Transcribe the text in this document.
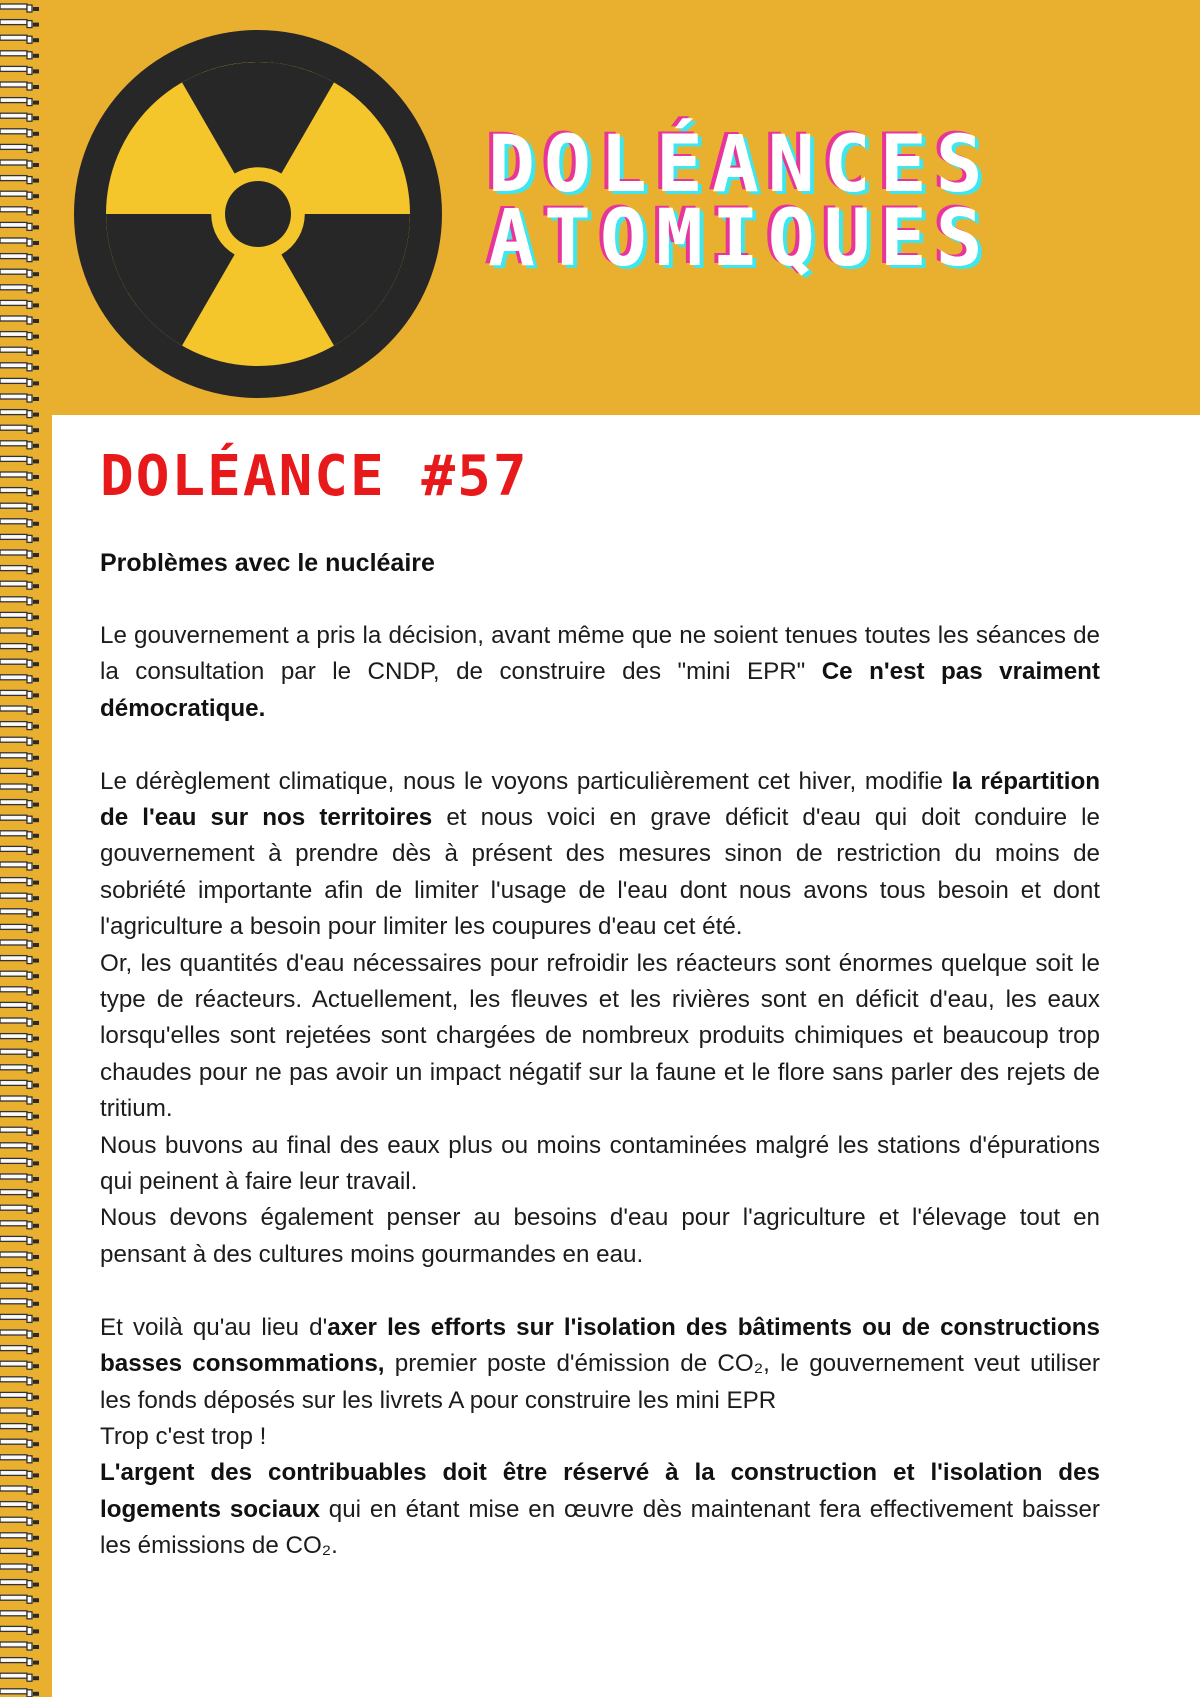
DOLÉANCES
ATOMIQUES
DOLÉANCE #57
Problèmes avec le nucléaire

Le gouvernement a pris la décision, avant même que ne soient tenues toutes les séances de la consultation par le CNDP, de construire des "mini EPR" Ce n'est pas vraiment démocratique.

Le dérèglement climatique, nous le voyons particulièrement cet hiver, modifie la répartition de l'eau sur nos territoires et nous voici en grave déficit d'eau qui doit conduire le gouvernement à prendre dès à présent des mesures sinon de restriction du moins de sobriété importante afin de limiter l'usage de l'eau dont nous avons tous besoin et dont l'agriculture a besoin pour limiter les coupures d'eau cet été.

Or, les quantités d'eau nécessaires pour refroidir les réacteurs sont énormes quelque soit le type de réacteurs. Actuellement, les fleuves et les rivières sont en déficit d'eau, les eaux lorsqu'elles sont rejetées sont chargées de nombreux produits chimiques et beaucoup trop chaudes pour ne pas avoir un impact négatif sur la faune et le flore sans parler des rejets de tritium.

Nous buvons au final des eaux plus ou moins contaminées malgré les stations d'épurations qui peinent à faire leur travail.

Nous devons également penser au besoins d'eau pour l'agriculture et l'élevage tout en pensant à des cultures moins gourmandes en eau.

Et voilà qu'au lieu d'axer les efforts sur l'isolation des bâtiments ou de constructions basses consommations, premier poste d'émission de CO₂, le gouvernement veut utiliser les fonds déposés sur les livrets A pour construire les mini EPR

Trop c'est trop !

L'argent des contribuables doit être réservé à la construction et l'isolation des logements sociaux qui en étant mise en œuvre dès maintenant fera effectivement baisser les émissions de CO₂.
